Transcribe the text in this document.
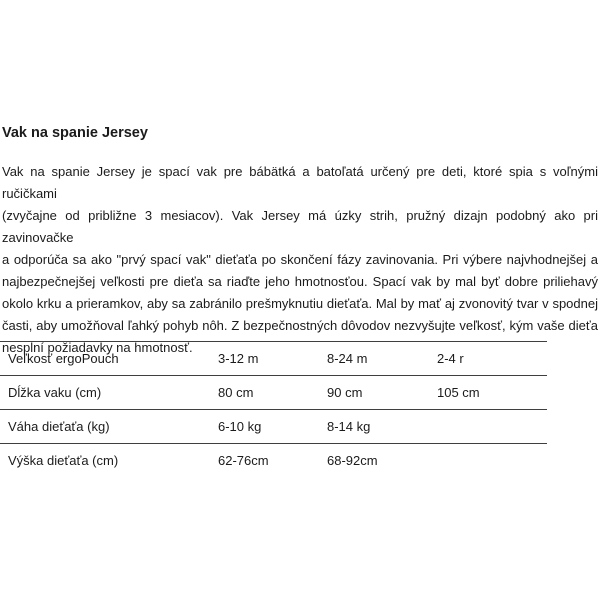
Vak na spanie Jersey
Vak na spanie Jersey je spací vak pre bábätká a batoľatá určený pre deti, ktoré spia s voľnými ručičkami
(zvyčajne od približne 3 mesiacov). Vak Jersey má úzky strih, pružný dizajn podobný ako pri zavinovačke
a odporúča sa ako "prvý spací vak" dieťaťa po skončení fázy zavinovania. Pri výbere najvhodnejšej a
najbezpečnejšej veľkosti pre dieťa sa riaďte jeho hmotnosťou. Spací vak by mal byť dobre priliehavý
okolo krku a prieramkov, aby sa zabránilo prešmyknutiu dieťaťa. Mal by mať aj zvonovitý tvar v spodnej
časti, aby umožňoval ľahký pohyb nôh. Z bezpečnostných dôvodov nezvyšujte veľkosť, kým vaše dieťa
nesplní požiadavky na hmotnosť.
Veľkosť ergoPouch	3-12 m	8-24 m	2-4 r
Dĺžka vaku (cm)	80 cm	90 cm	105 cm
Váha dieťaťa (kg)	6-10 kg	8-14 kg	
Výška dieťaťa (cm)	62-76cm	68-92cm	
